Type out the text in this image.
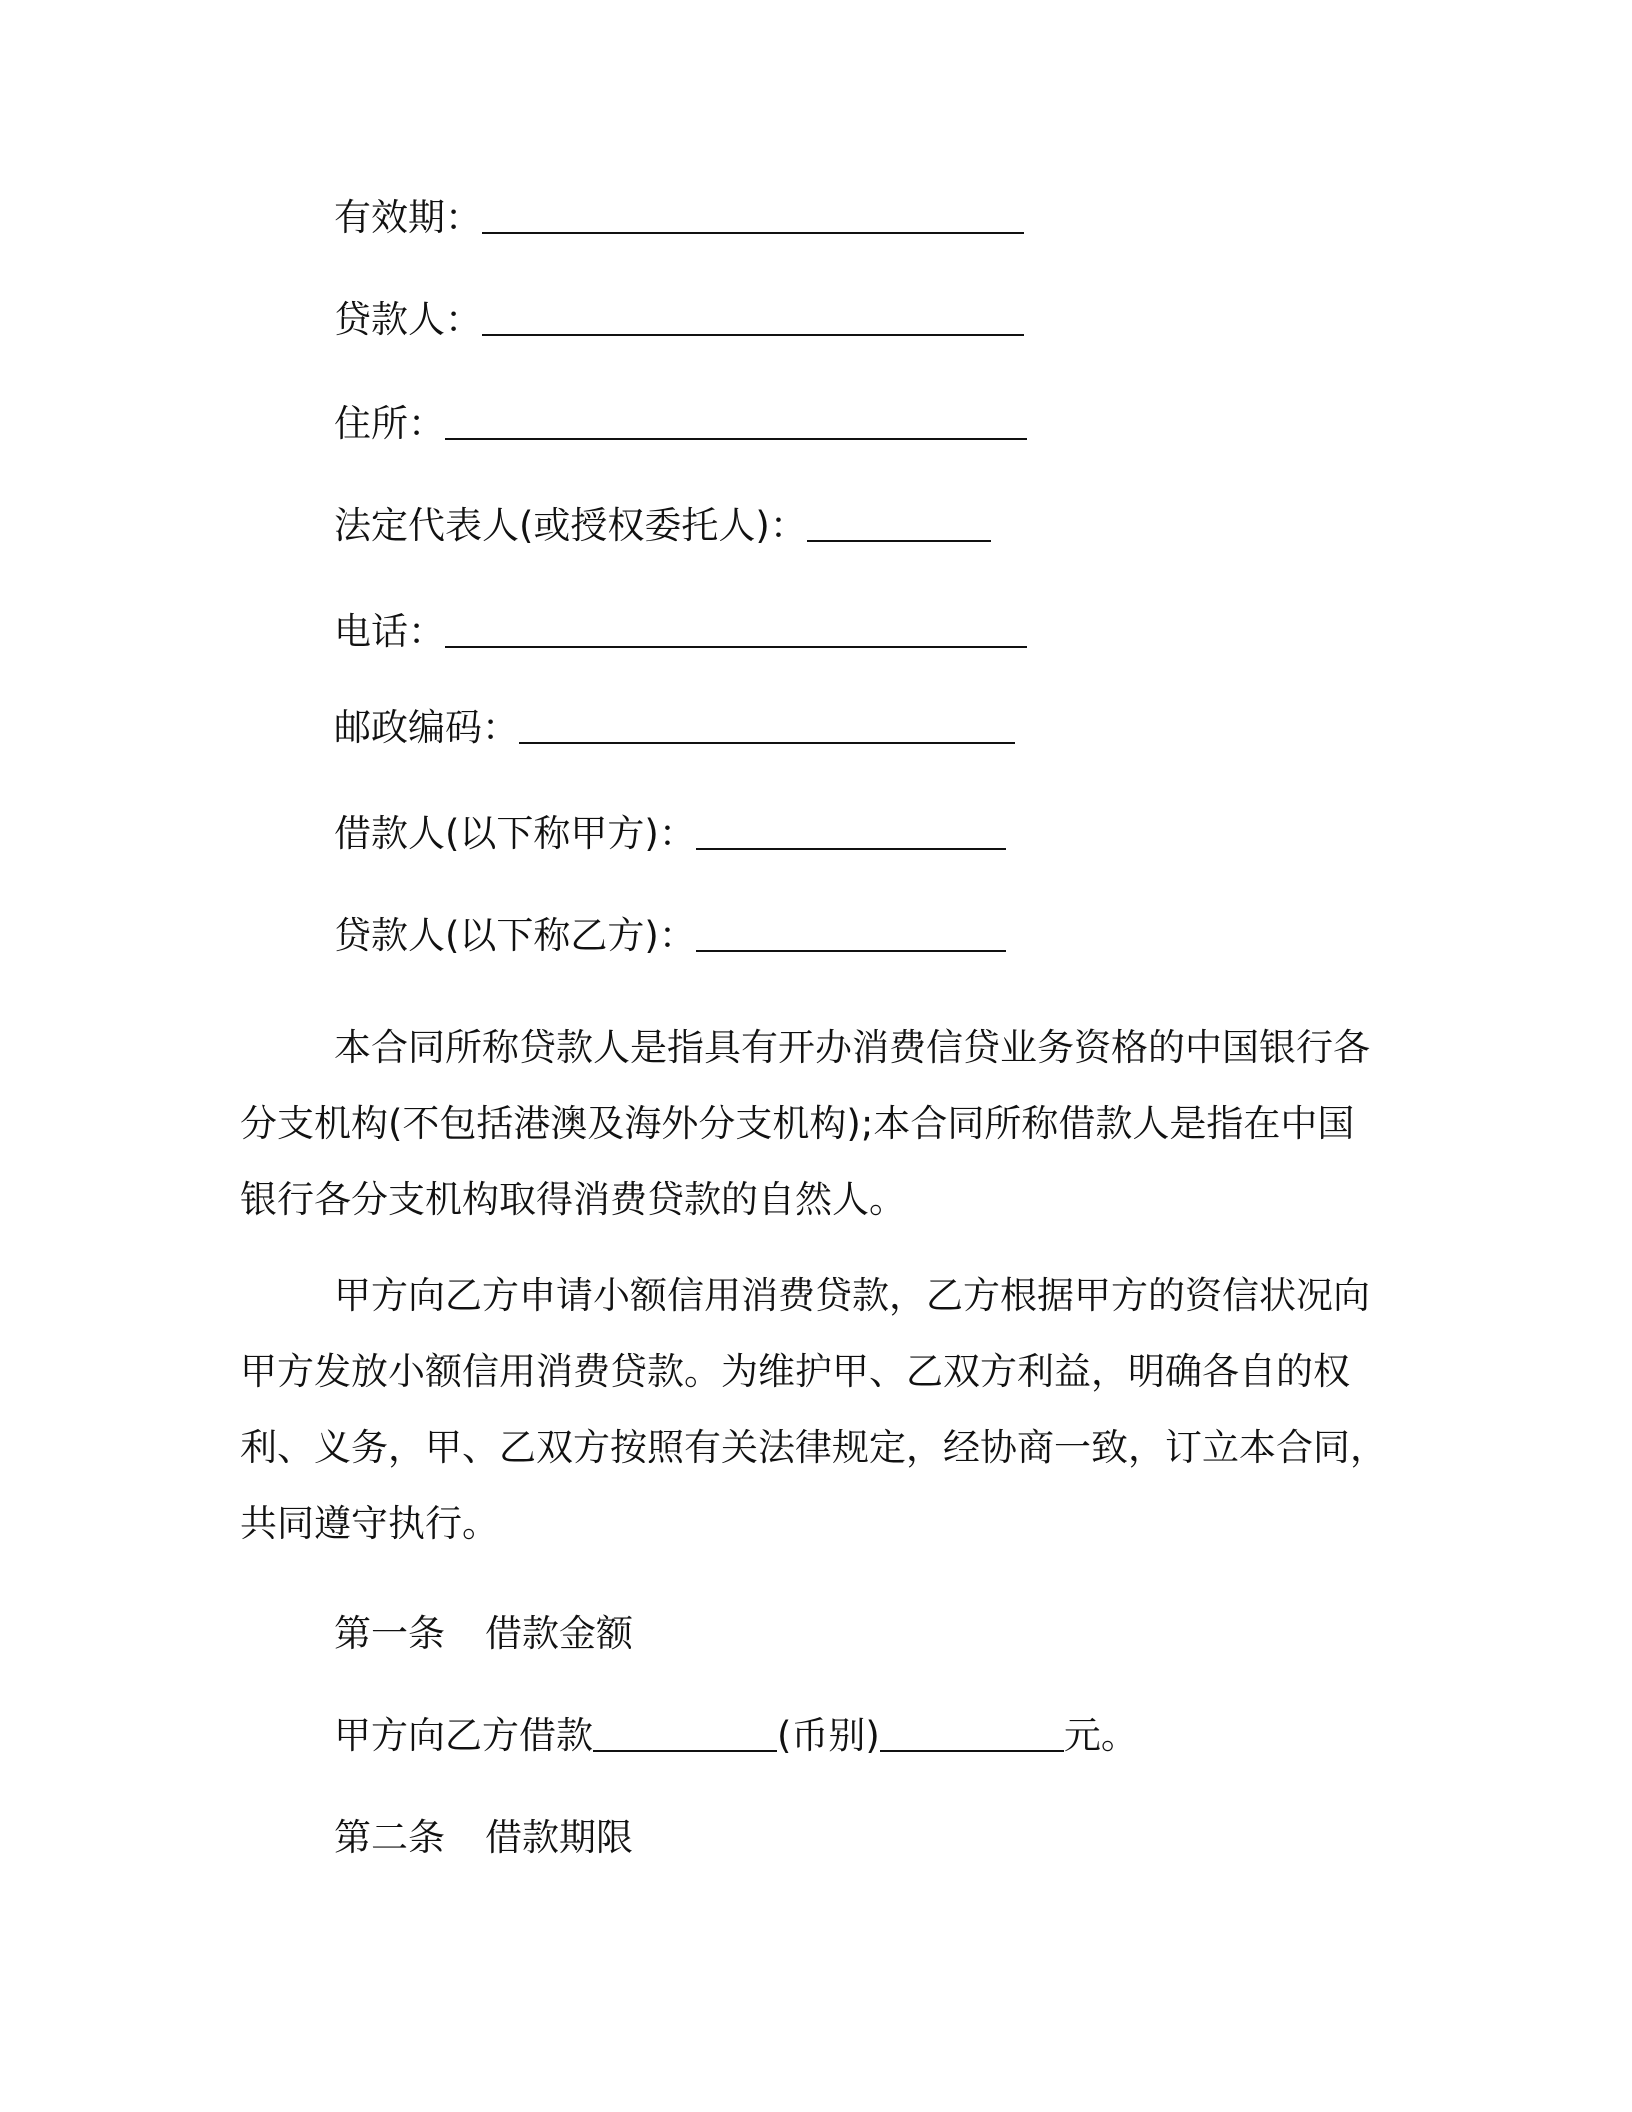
有效期：
贷款人：
住所：
法定代表人(或授权委托人)：
电话：
邮政编码：
借款人(以下称甲方)：
贷款人(以下称乙方)：
本合同所称贷款人是指具有开办消费信贷业务资格的中国银行各
分支机构(不包括港澳及海外分支机构);本合同所称借款人是指在中国
银行各分支机构取得消费贷款的自然人。
甲方向乙方申请小额信用消费贷款，乙方根据甲方的资信状况向
甲方发放小额信用消费贷款。为维护甲、乙双方利益，明确各自的权
利、义务，甲、乙双方按照有关法律规定，经协商一致，订立本合同，
共同遵守执行。
第一条 借款金额
甲方向乙方借款	(币别)	元。
第二条 借款期限
